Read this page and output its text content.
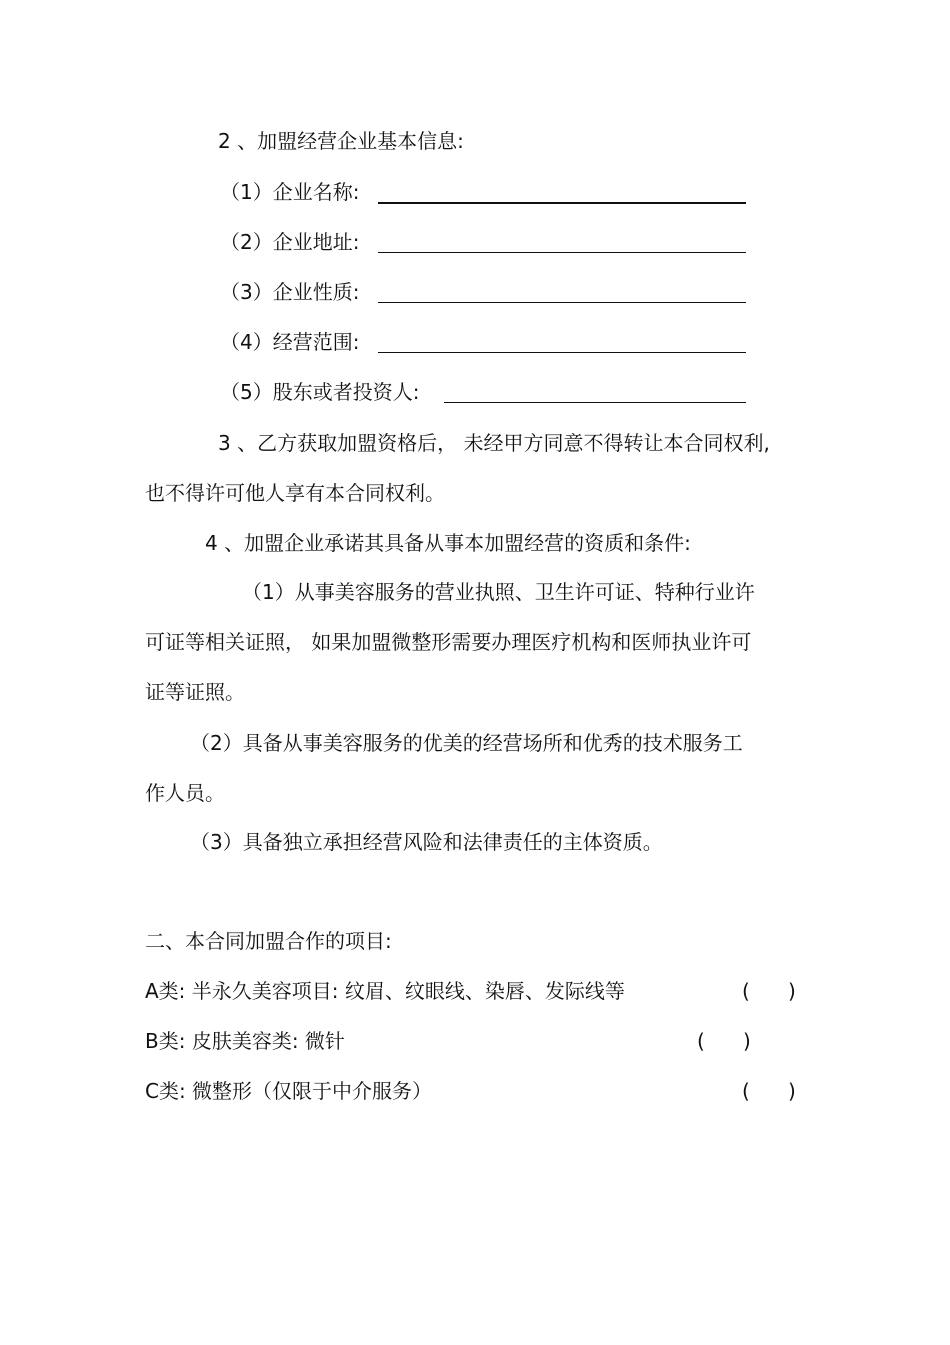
2 、加盟经营企业基本信息:
（1）企业名称:
（2）企业地址:
（3）企业性质:
（4）经营范围:
（5）股东或者投资人:
3 、乙方获取加盟资格后， 未经甲方同意不得转让本合同权利,
也不得许可他人享有本合同权利。
4 、加盟企业承诺其具备从事本加盟经营的资质和条件:
（1）从事美容服务的营业执照、卫生许可证、特种行业许
可证等相关证照， 如果加盟微整形需要办理医疗机构和医师执业许可
证等证照。
（2）具备从事美容服务的优美的经营场所和优秀的技术服务工
作人员。
（3）具备独立承担经营风险和法律责任的主体资质。
二、本合同加盟合作的项目:
A类: 半永久美容项目: 纹眉、纹眼线、染唇、发际线等	(      )
B类: 皮肤美容类: 微针	(      )
C类: 微整形（仅限于中介服务）	(      )
